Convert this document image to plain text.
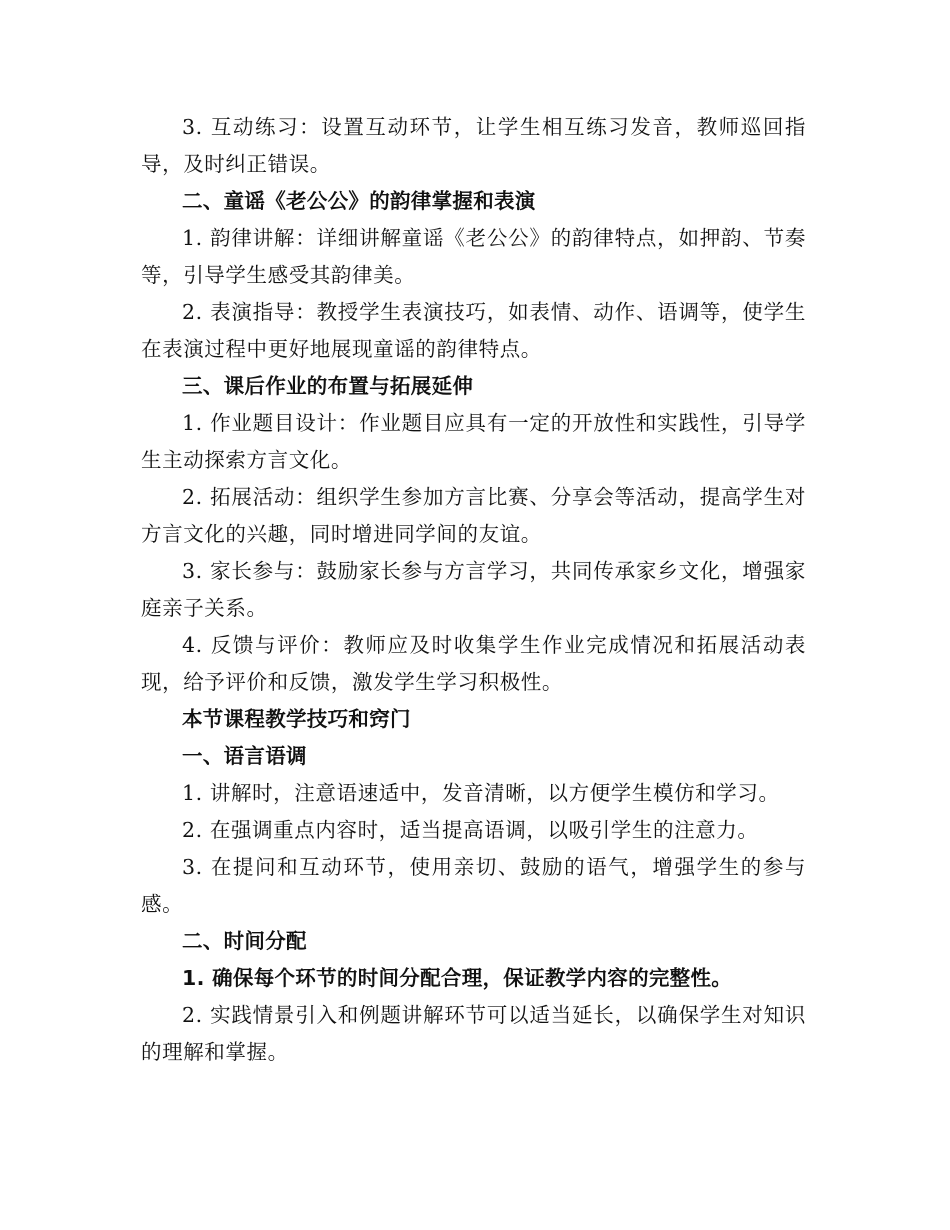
3. 互动练习：设置互动环节，让学生相互练习发音，教师巡回指导，及时纠正错误。

二、童谣《老公公》的韵律掌握和表演

1. 韵律讲解：详细讲解童谣《老公公》的韵律特点，如押韵、节奏等，引导学生感受其韵律美。

2. 表演指导：教授学生表演技巧，如表情、动作、语调等，使学生在表演过程中更好地展现童谣的韵律特点。

三、课后作业的布置与拓展延伸

1. 作业题目设计：作业题目应具有一定的开放性和实践性，引导学生主动探索方言文化。

2. 拓展活动：组织学生参加方言比赛、分享会等活动，提高学生对方言文化的兴趣，同时增进同学间的友谊。

3. 家长参与：鼓励家长参与方言学习，共同传承家乡文化，增强家庭亲子关系。

4. 反馈与评价：教师应及时收集学生作业完成情况和拓展活动表现，给予评价和反馈，激发学生学习积极性。

本节课程教学技巧和窍门

一、语言语调

1. 讲解时，注意语速适中，发音清晰，以方便学生模仿和学习。

2. 在强调重点内容时，适当提高语调，以吸引学生的注意力。

3. 在提问和互动环节，使用亲切、鼓励的语气，增强学生的参与感。

二、时间分配

1. 确保每个环节的时间分配合理，保证教学内容的完整性。

2. 实践情景引入和例题讲解环节可以适当延长，以确保学生对知识的理解和掌握。
